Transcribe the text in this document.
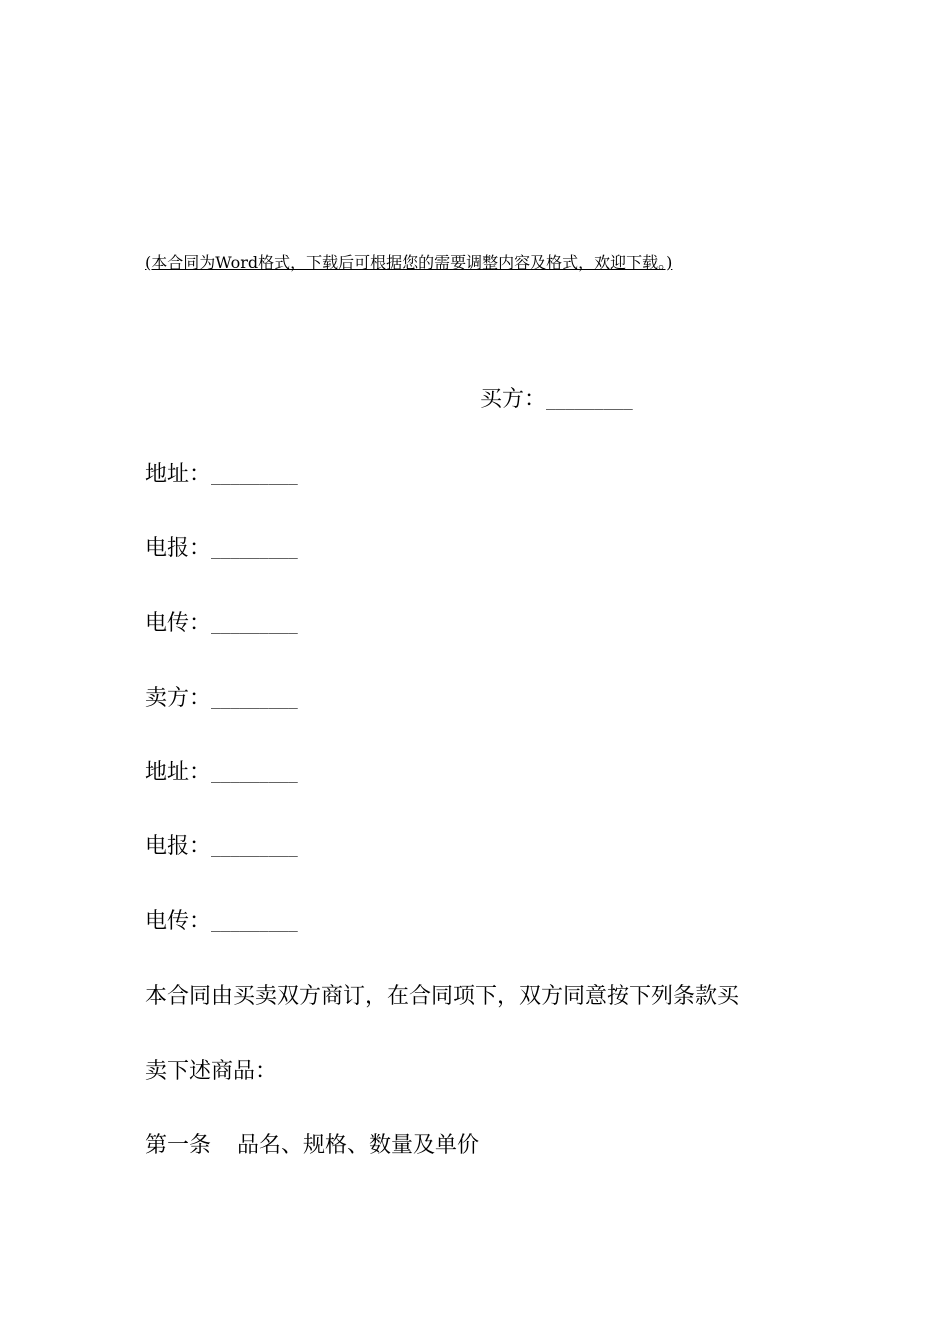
(本合同为Word格式，下载后可根据您的需要调整内容及格式，欢迎下载。)
买方：_________
地址：_________
电报：_________
电传：_________
卖方：_________
地址：_________
电报：_________
电传：_________
本合同由买卖双方商订，在合同项下，双方同意按下列条款买
卖下述商品：
第一条 品名、规格、数量及单价
